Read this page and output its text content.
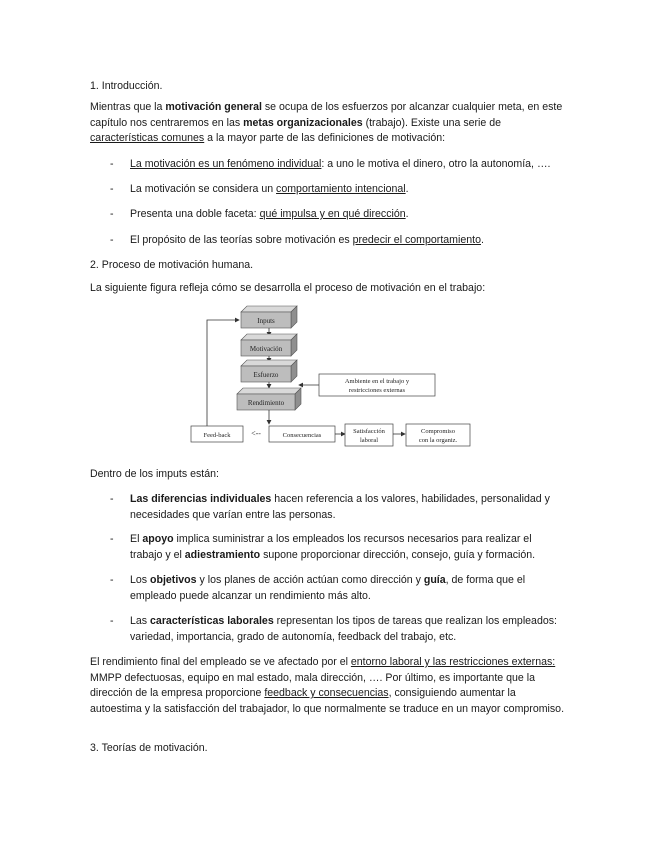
1. Introducción.

Mientras que la motivación general se ocupa de los esfuerzos por alcanzar cualquier meta, en este capítulo nos centraremos en las metas organizacionales (trabajo). Existe una serie de características comunes a la mayor parte de las definiciones de motivación:

- La motivación es un fenómeno individual: a uno le motiva el dinero, otro la autonomía, ….
- La motivación se considera un comportamiento intencional.
- Presenta una doble faceta: qué impulsa y en qué dirección.
- El propósito de las teorías sobre motivación es predecir el comportamiento.

2. Proceso de motivación humana.

La siguiente figura refleja cómo se desarrolla el proceso de motivación en el trabajo:

Inputs
Motivación
Esfuerzo
Rendimiento
Ambiente en el trabajo y
restricciones externas
Feed-back	<--	Consecuencias
Satisfacción
laboral
Compromiso
con la organiz.

Dentro de los imputs están:

- Las diferencias individuales hacen referencia a los valores, habilidades, personalidad y necesidades que varían entre las personas.
- El apoyo implica suministrar a los empleados los recursos necesarios para realizar el trabajo y el adiestramiento supone proporcionar dirección, consejo, guía y formación.
- Los objetivos y los planes de acción actúan como dirección y guía, de forma que el empleado puede alcanzar un rendimiento más alto.
- Las características laborales representan los tipos de tareas que realizan los empleados: variedad, importancia, grado de autonomía, feedback del trabajo, etc.

El rendimiento final del empleado se ve afectado por el entorno laboral y las restricciones externas: MMPP defectuosas, equipo en mal estado, mala dirección, …. Por último, es importante que la dirección de la empresa proporcione feedback y consecuencias, consiguiendo aumentar la autoestima y la satisfacción del trabajador, lo que normalmente se traduce en un mayor compromiso.

3. Teorías de motivación.
